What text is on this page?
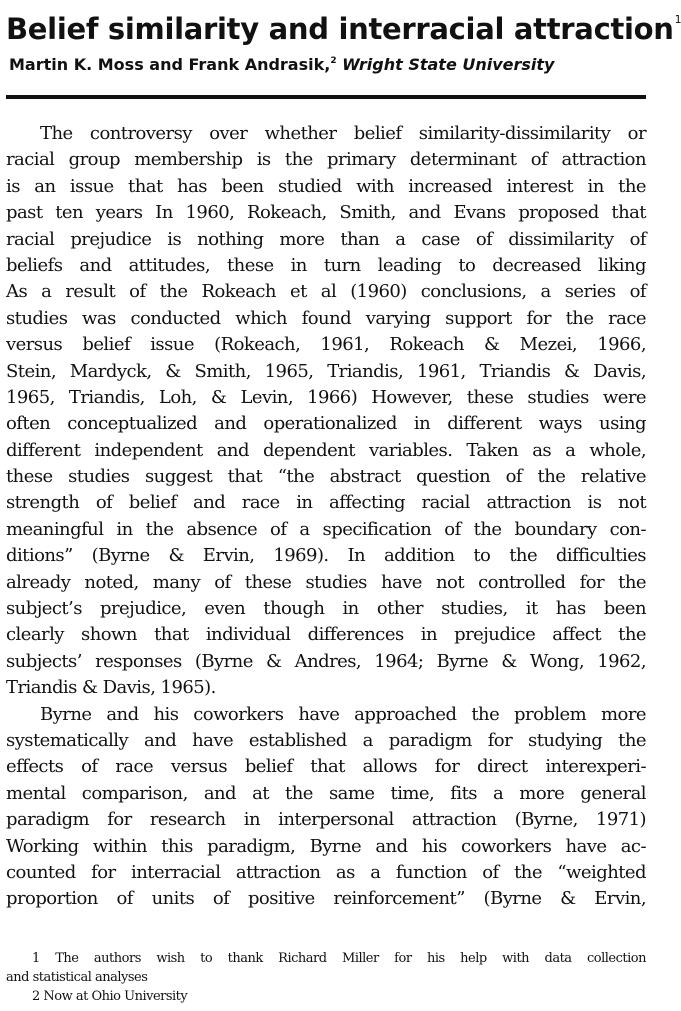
Belief similarity and interracial attraction$^1$
Martin K. Moss and Frank Andrasik,$^2$ Wright State University
The controversy over whether belief similarity-dissimilarity or
racial group membership is the primary determinant of attraction
is an issue that has been studied with increased interest in the
past ten years In 1960, Rokeach, Smith, and Evans proposed that
racial prejudice is nothing more than a case of dissimilarity of
beliefs and attitudes, these in turn leading to decreased liking
As a result of the Rokeach et al (1960) conclusions, a series of
studies was conducted which found varying support for the race
versus belief issue (Rokeach, 1961, Rokeach & Mezei, 1966,
Stein, Mardyck, & Smith, 1965, Triandis, 1961, Triandis & Davis,
1965, Triandis, Loh, & Levin, 1966) However, these studies were
often conceptualized and operationalized in different ways using
different independent and dependent variables. Taken as a whole,
these studies suggest that “the abstract question of the relative
strength of belief and race in affecting racial attraction is not
meaningful in the absence of a specification of the boundary con-
ditions” (Byrne & Ervin, 1969). In addition to the difficulties
already noted, many of these studies have not controlled for the
subject’s prejudice, even though in other studies, it has been
clearly shown that individual differences in prejudice affect the
subjects’ responses (Byrne & Andres, 1964; Byrne & Wong, 1962,
Triandis & Davis, 1965).
Byrne and his coworkers have approached the problem more
systematically and have established a paradigm for studying the
effects of race versus belief that allows for direct interexperi-
mental comparison, and at the same time, fits a more general
paradigm for research in interpersonal attraction (Byrne, 1971)
Working within this paradigm, Byrne and his coworkers have ac-
counted for interracial attraction as a function of the “weighted
proportion of units of positive reinforcement” (Byrne & Ervin,
1 The authors wish to thank Richard Miller for his help with data collection
and statistical analyses
2 Now at Ohio University
